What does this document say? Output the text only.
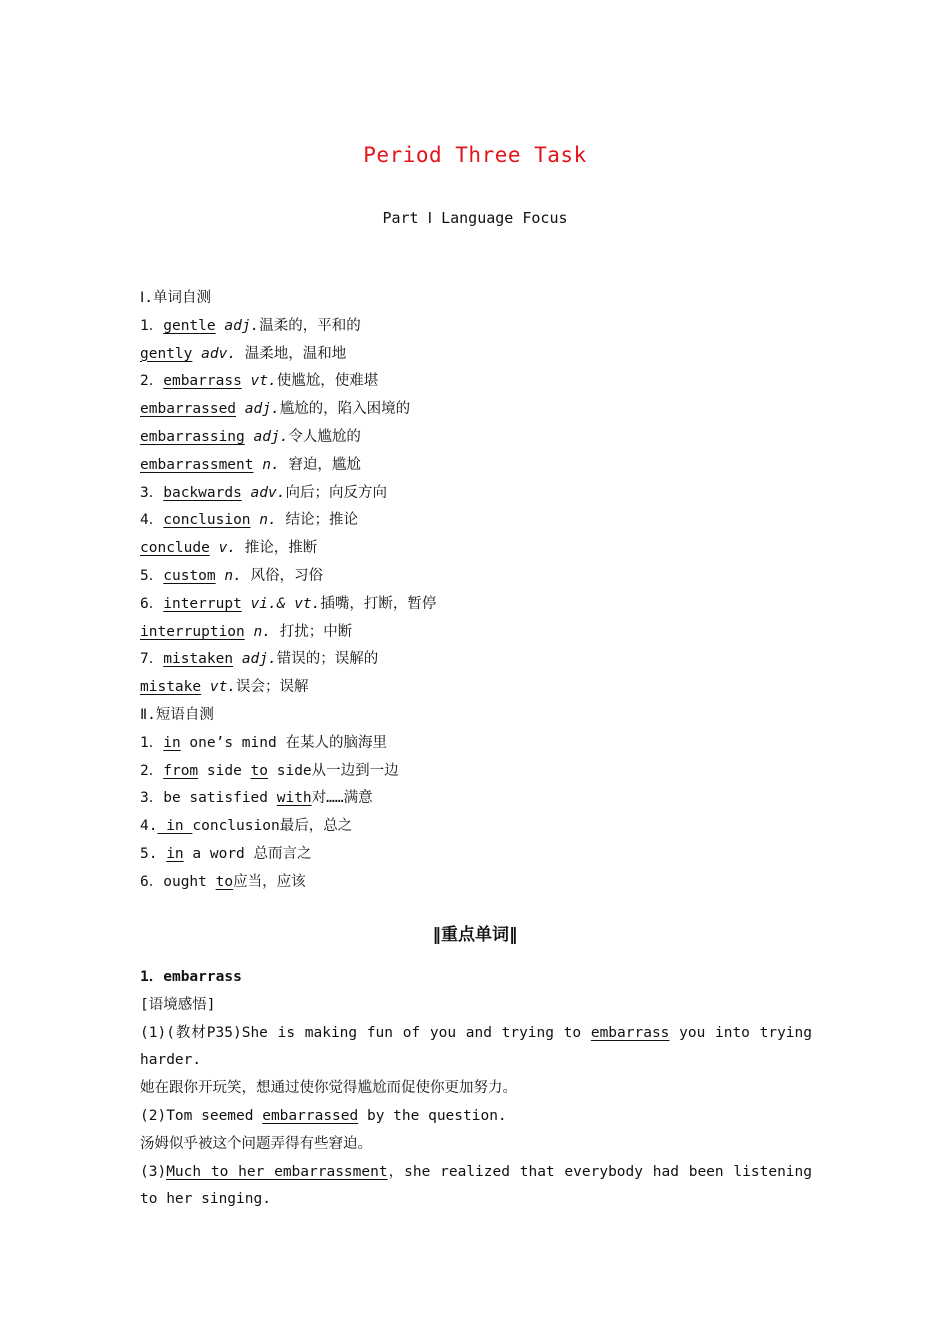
Period Three Task
Part Ⅰ Language Focus
Ⅰ.单词自测
1．gentle adj.温柔的，平和的
gently adv. 温柔地，温和地
2．embarrass vt.使尴尬，使难堪
embarrassed adj.尴尬的，陷入困境的
embarrassing adj.令人尴尬的
embarrassment n. 窘迫，尴尬
3．backwards adv.向后；向反方向
4．conclusion n. 结论；推论
conclude v. 推论，推断
5．custom n. 风俗，习俗
6．interrupt vi.& vt.插嘴，打断，暂停
interruption n. 打扰；中断
7．mistaken adj.错误的；误解的
mistake vt.误会；误解
Ⅱ.短语自测
1．in one’s mind 在某人的脑海里
2．from side to side从一边到一边
3．be satisfied with对……满意
4. in conclusion最后，总之
5. in a word 总而言之
6．ought to应当，应该
‖重点单词‖
1．embarrass
[语境感悟]
(1)(教材P35)She is making fun of you and trying to embarrass you into trying harder.
她在跟你开玩笑，想通过使你觉得尴尬而促使你更加努力。
(2)Tom seemed embarrassed by the question.
汤姆似乎被这个问题弄得有些窘迫。
(3)Much to her embarrassment，she realized that everybody had been listening to her singing.
